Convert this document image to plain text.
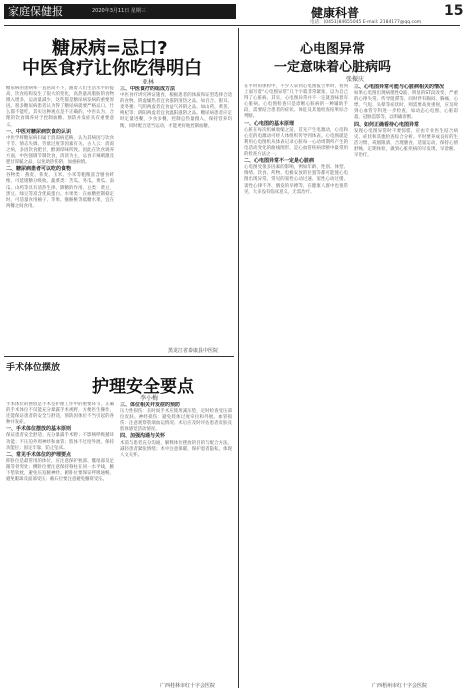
家庭保健报	2020年3月11日 星期三	健康科普	15
电话：(0451)84655045 E-mail: 2184177@qq.com
糖尿病=忌口?
中医食疗让你吃得明白
亚林
糖尿病的患病率一直居高不下，随着人们生活水平的提高，饮食结构发生了很大的变化，高热量高脂肪的食物摄入增多，运动量减少，这些都是糖尿病发病的重要原因。很多糖尿病患者认为得了糖尿病就要严格忌口，什么都不能吃，其实这种观点是不正确的。中医认为，合理的饮食调养对于控制血糖、预防并发症具有重要意义。
一、中医对糖尿病饮食的认识
中医学将糖尿病归属于消渴病范畴，认为其病因与饮食不节、情志失调、劳欲过度等因素有关。古人云：消渴之病，多因饮食肥甘，醇酒厚味所致。因此在饮食调养方面，中医强调节制饮食，清淡为主，忌食辛辣刺激及肥甘厚腻之品，以免助热伤阴，加重病情。
二、糖尿病患者可以吃的食物
谷物类：燕麦、荞麦、玉米、小米等粗粮富含膳食纤维，可延缓糖分吸收。蔬菜类：苦瓜、冬瓜、黄瓜、南瓜、山药等具有清热生津、降糖的作用。豆类：黄豆、黑豆、绿豆等富含优质蛋白。水果类：在血糖控制稳定时，可适量食用柚子、苹果、猕猴桃等低糖水果，宜在两餐之间食用。
三、中医食疗的组成方法
中医食疗讲究辨证施食，根据患者的体质和证型选择合适的食物。阴虚燥热者宜食滋阴清热之品，如百合、银耳、麦冬粥；气阴两虚者宜食益气养阴之品，如山药、黄芪、枸杞等；阴阳两虚者宜食温阳滋阴之品。糖尿病患者应定时定量进餐，少食多餐，控制总热量摄入，保持营养均衡，同时配合适当运动，才能更好地控制血糖。
黑龙江省泰康县中医院
手术体位摆放
护理安全要点
李小梅
手术体位的摆放是手术室护理工作中的重要环节，正确的手术体位不仅能充分暴露手术视野，方便医生操作，还能保证患者的安全与舒适，预防因体位不当引起的各种并发症。
一、手术体位摆放的基本原则
保证患者安全舒适；充分暴露手术野；不影响呼吸循环功能；不压迫外周神经和血管；肢体不过度外展，保持功能位；固定牢靠，防止坠床。
二、常见手术体位的护理要点
仰卧位是最常用的体位，应注意保护枕部、骶尾部及足跟等骨突处；侧卧位要注意保持脊柱在同一水平线，腋下垫软枕，避免压迫腋神经；俯卧位要保证呼吸通畅，避免眼球及面部受压；截石位要注意避免腘窝受压。
三、体位相关并发症的预防
压力性损伤：长时间手术应使用减压垫，定时检查受压部位皮肤。神经损伤：避免肢体过度牵拉和外展。血管损伤：注意观察肢端血运情况。术后应及时评估患者皮肤及肢体感觉活动情况。
四、加强沟通与关怀
术前与患者充分沟通，解释体位摆放的目的与配合方法，减轻患者紧张情绪；术中注意保暖，保护患者隐私，体现人文关怀。
广西桂林市红十字会医院
心电图异常
一定意味着心脏病吗
张振庆
在平时的体检中，不少人拿到心电图报告单时，看到上面写着“心电图异常”几个字就非常紧张，以为自己得了心脏病。其实，心电图异常并不一定就意味着有心脏病。心电图检查只是诊断心脏病的一种辅助手段，需要结合患者的症状、体征及其他检查结果综合判断。
一、心电图的基本原理
心脏在每次机械收缩之前，首先产生电激动，心房和心室的电激动可经人体组织传导到体表。心电图就是利用心电图机从体表记录心脏每一心动周期所产生的电活动变化的曲线图形，是心血管疾病诊断中最常用的检查方法之一。
二、心电图异常不一定是心脏病
心电图受很多因素的影响，例如年龄、性别、体型、情绪、饮食、药物、电极安放的位置等都可能使心电图出现异常。常见的窦性心动过速、窦性心动过缓、窦性心律不齐、偶发的早搏等，在健康人群中也很常见，大多没有临床意义，无需治疗。
三、心电图异常可能与心脏病相关的情况
如果心电图出现病理性Q波、明显的ST段改变、严重的心律失常、传导阻滞等，同时伴有胸闷、胸痛、心悸、气短、头晕等症状时，则需要高度重视，应及时到心血管专科进一步检查，如动态心电图、心脏彩超、冠脉造影等，以明确诊断。
四、如何正确看待心电图异常
发现心电图异常时不要惊慌，应由专业医生结合病史、症状和其他检查综合分析。平时要养成良好的生活习惯，戒烟限酒，合理膳食，适量运动，保持心情舒畅，定期体检，做到心脏疾病的早发现、早诊断、早治疗。
广西梧州市红十字会医院
